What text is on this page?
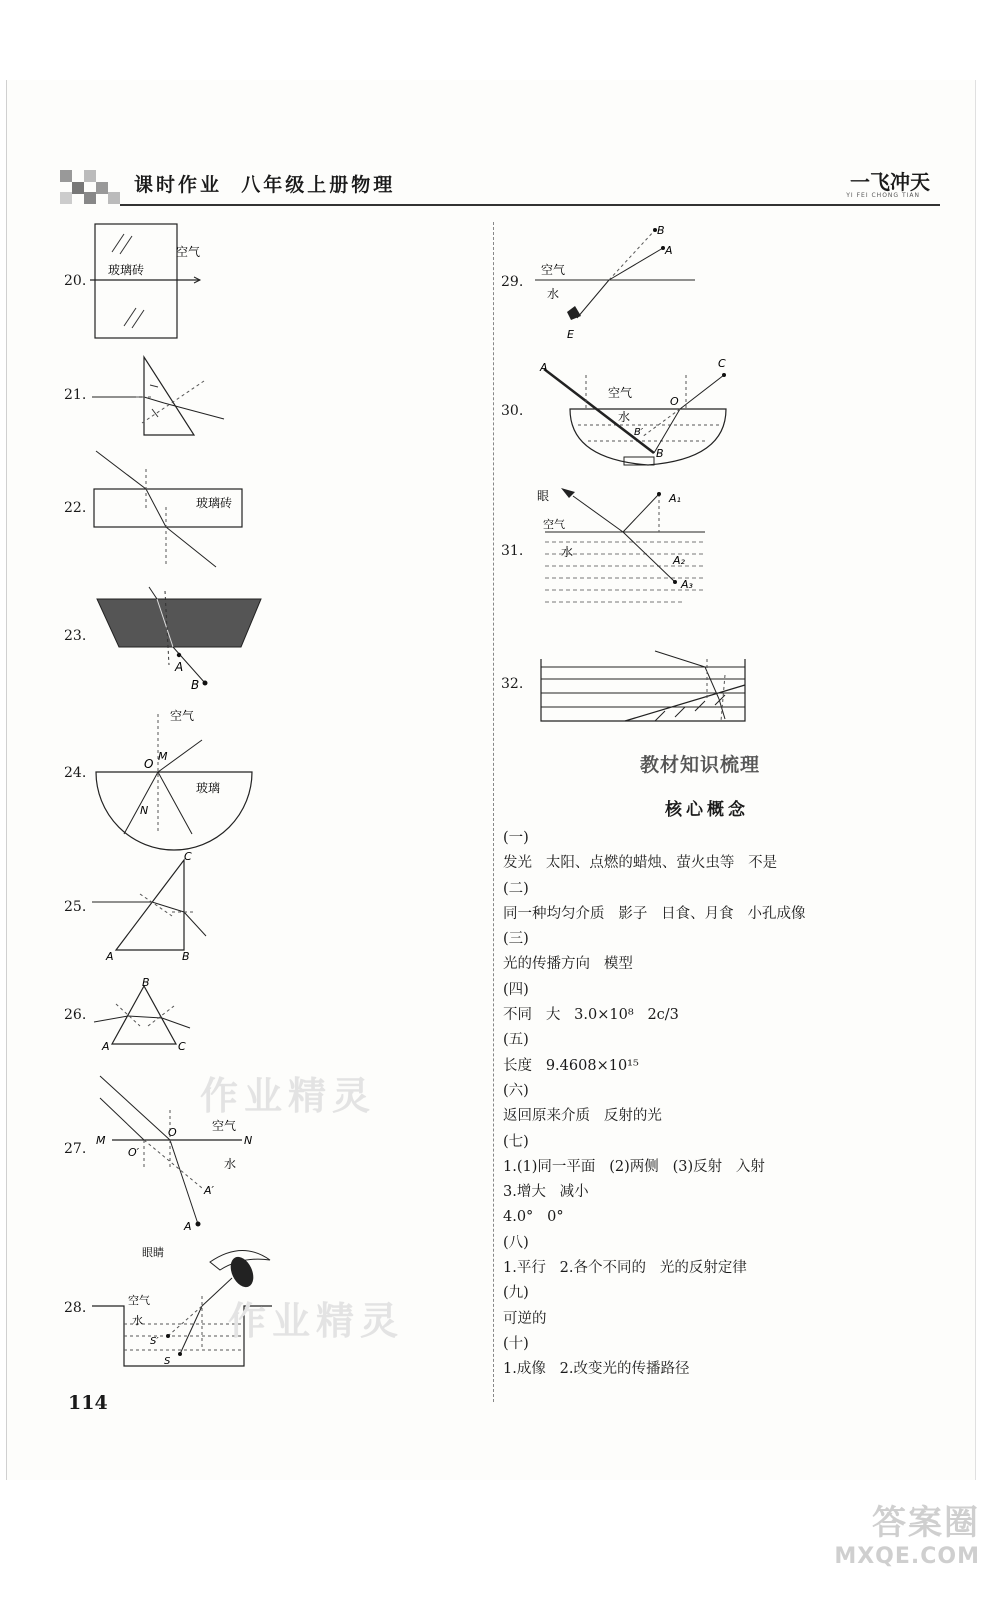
课时作业  八年级上册物理	一飞冲天
YI FEI CHONG TIAN
20.
21.
22.
23.
24.
25.
26.
27.
28.
29.
30.
31.
32.
玻璃砖
空气
玻璃砖
A
B
空气
M
O
N
玻璃
C
A	B
B
A	C
M
O
N
O′
A′
A
空气
水
眼睛
空气
水
S′
S
空气
水
B
A
E
空气
水
A	C
O
B′
B
眼
空气
水
A₁
A₂
A₃
教材知识梳理
核心概念
(一)
发光   太阳、点燃的蜡烛、萤火虫等   不是
(二)
同一种均匀介质   影子   日食、月食   小孔成像
(三)
光的传播方向   模型
(四)
不同   大   3.0×10⁸   2c/3
(五)
长度   9.4608×10¹⁵
(六)
返回原来介质   反射的光
(七)
1.(1)同一平面   (2)两侧   (3)反射   入射
3.增大   减小
4.0°   0°
(八)
1.平行   2.各个不同的   光的反射定律
(九)
可逆的
(十)
1.成像   2.改变光的传播路径
作业精灵
作业精灵
114
答案圈
MXQE.COM
